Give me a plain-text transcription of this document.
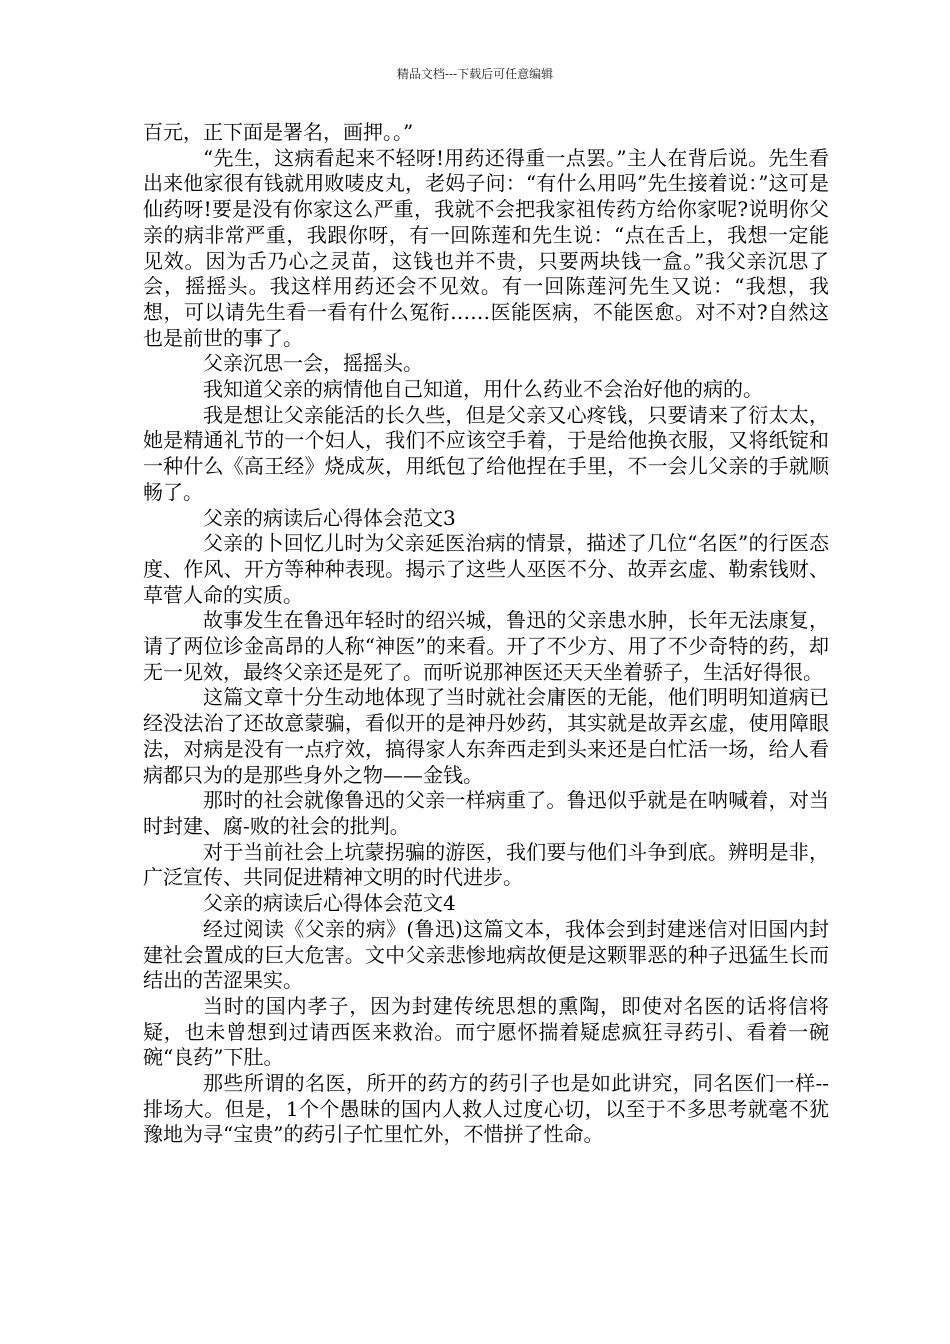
精品文档---下载后可任意编辑

百元，正下面是署名，画押。。”

“先生，这病看起来不轻呀!用药还得重一点罢。”主人在背后说。先生看出来他家很有钱就用败唛皮丸，老妈子问：“有什么用吗”先生接着说：”这可是仙药呀!要是没有你家这么严重，我就不会把我家祖传药方给你家呢?说明你父亲的病非常严重，我跟你呀，有一回陈莲和先生说：“点在舌上，我想一定能见效。因为舌乃心之灵苗，这钱也并不贵，只要两块钱一盒。”我父亲沉思了会，摇摇头。我这样用药还会不见效。有一回陈莲河先生又说：“我想，我想，可以请先生看一看有什么冤衔……医能医病，不能医愈。对不对?自然这也是前世的事了。

父亲沉思一会，摇摇头。

我知道父亲的病情他自己知道，用什么药业不会治好他的病的。

我是想让父亲能活的长久些，但是父亲又心疼钱，只要请来了衍太太，她是精通礼节的一个妇人，我们不应该空手着，于是给他换衣服，又将纸锭和一种什么《高王经》烧成灰，用纸包了给他捏在手里，不一会儿父亲的手就顺畅了。

父亲的病读后心得体会范文3

父亲的卜回忆儿时为父亲延医治病的情景，描述了几位“名医”的行医态度、作风、开方等种种表现。揭示了这些人巫医不分、故弄玄虚、勒索钱财、草菅人命的实质。

故事发生在鲁迅年轻时的绍兴城，鲁迅的父亲患水肿，长年无法康复，请了两位诊金高昂的人称“神医”的来看。开了不少方、用了不少奇特的药，却无一见效，最终父亲还是死了。而听说那神医还天天坐着骄子，生活好得很。

这篇文章十分生动地体现了当时就社会庸医的无能，他们明明知道病已经没法治了还故意蒙骗，看似开的是神丹妙药，其实就是故弄玄虚，使用障眼法，对病是没有一点疗效，搞得家人东奔西走到头来还是白忙活一场，给人看病都只为的是那些身外之物——金钱。

那时的社会就像鲁迅的父亲一样病重了。鲁迅似乎就是在呐喊着，对当时封建、腐-败的社会的批判。

对于当前社会上坑蒙拐骗的游医，我们要与他们斗争到底。辨明是非，广泛宣传、共同促进精神文明的时代进步。

父亲的病读后心得体会范文4

经过阅读《父亲的病》(鲁迅)这篇文本，我体会到封建迷信对旧国内封建社会置成的巨大危害。文中父亲悲惨地病故便是这颗罪恶的种子迅猛生长而结出的苦涩果实。

当时的国内孝子，因为封建传统思想的熏陶，即使对名医的话将信将疑，也未曾想到过请西医来救治。而宁愿怀揣着疑虑疯狂寻药引、看着一碗碗“良药”下肚。

那些所谓的名医，所开的药方的药引子也是如此讲究，同名医们一样--排场大。但是，1个个愚昧的国内人救人过度心切，以至于不多思考就毫不犹豫地为寻“宝贵”的药引子忙里忙外，不惜拼了性命。
